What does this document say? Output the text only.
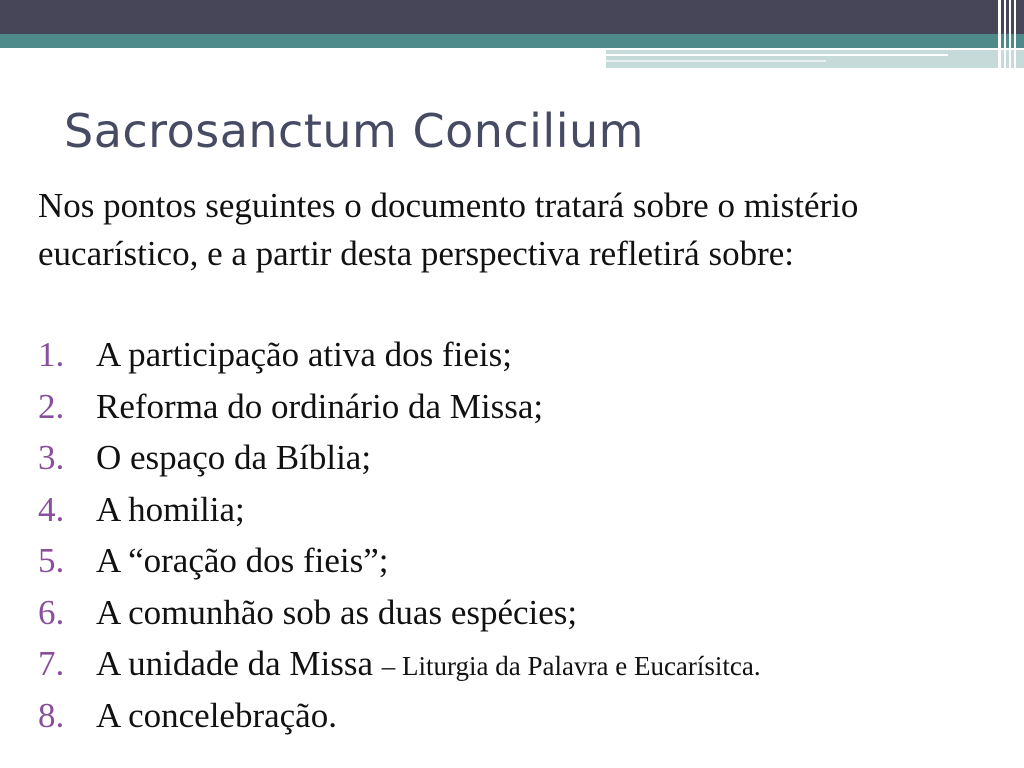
Sacrosanctum Concilium

Nos pontos seguintes o documento tratará sobre o mistério eucarístico, e a partir desta perspectiva refletirá sobre:

1. A participação ativa dos fieis;
2. Reforma do ordinário da Missa;
3. O espaço da Bíblia;
4. A homilia;
5. A “oração dos fieis”;
6. A comunhão sob as duas espécies;
7. A unidade da Missa – Liturgia da Palavra e Eucarísitca.
8. A concelebração.
